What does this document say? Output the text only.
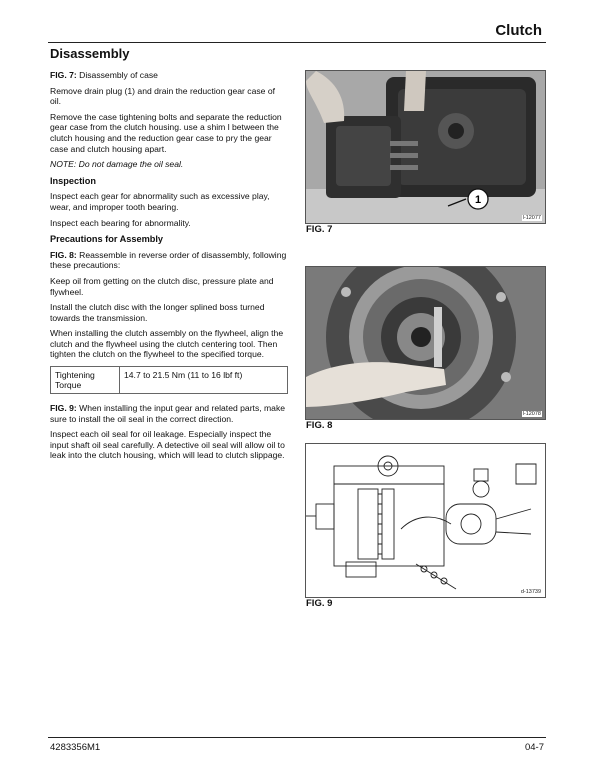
Clutch
Disassembly

FIG. 7: Disassembly of case

Remove drain plug (1) and drain the reduction gear case of oil.

Remove the case tightening bolts and separate the reduction gear case from the clutch housing. use a shim l between the clutch housing and the reduction gear case to pry the gear case and clutch housing apart.

NOTE: Do not damage the oil seal.

Inspection

Inspect each gear for abnormality such as excessive play, wear, and improper tooth bearing.

Inspect each bearing for abnormality.

Precautions for Assembly

FIG. 8: Reassemble in reverse order of disassembly, following these precautions:

Keep oil from getting on the clutch disc, pressure plate and flywheel.

Install the clutch disc with the longer splined boss turned towards the transmission.

When installing the clutch assembly on the flywheel, align the clutch and the flywheel using the clutch centering tool. Then tighten the clutch on the flywheel to the specified torque.

Tightening Torque	14.7 to 21.5 Nm (11 to 16 lbf ft)

FIG. 9: When installing the input gear and related parts, make sure to install the oil seal in the correct direction.

Inspect each oil seal for oil leakage. Especially inspect the input shaft oil seal carefully. A detective oil seal will allow oil to leak into the clutch housing, which will lead to clutch slippage.

1
l-12077
FIG. 7
l-12078
FIG. 8
d-13739
FIG. 9
4283356M1	04-7
